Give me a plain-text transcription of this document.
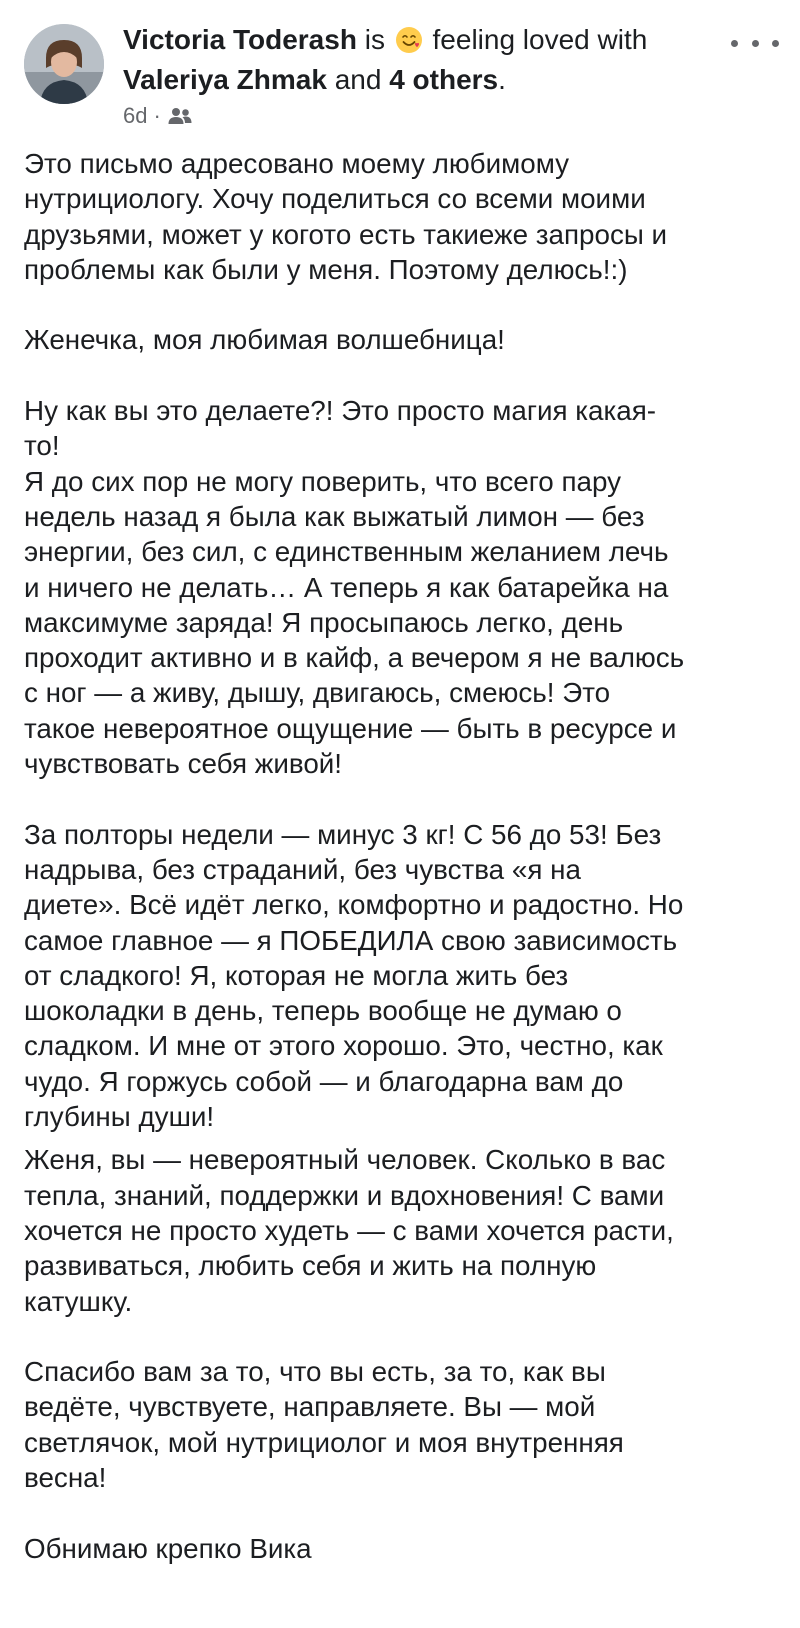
Victoria Toderash is feeling loved with
Valeriya Zhmak and 4 others.
6d ·

Это письмо адресовано моему любимому
нутрициологу. Хочу поделиться со всеми моими
друзьями, может у когото есть такиеже запросы и
проблемы как были у меня. Поэтому делюсь!:)

Женечка, моя любимая волшебница!

Ну как вы это делаете?! Это просто магия какая-
то!
Я до сих пор не могу поверить, что всего пару
недель назад я была как выжатый лимон — без
энергии, без сил, с единственным желанием лечь
и ничего не делать… А теперь я как батарейка на
максимуме заряда! Я просыпаюсь легко, день
проходит активно и в кайф, а вечером я не валюсь
с ног — а живу, дышу, двигаюсь, смеюсь! Это
такое невероятное ощущение — быть в ресурсе и
чувствовать себя живой!

За полторы недели — минус 3 кг! С 56 до 53! Без
надрыва, без страданий, без чувства «я на
диете». Всё идёт легко, комфортно и радостно. Но
самое главное — я ПОБЕДИЛА свою зависимость
от сладкого! Я, которая не могла жить без
шоколадки в день, теперь вообще не думаю о
сладком. И мне от этого хорошо. Это, честно, как
чудо. Я горжусь собой — и благодарна вам до
глубины души!

Женя, вы — невероятный человек. Сколько в вас
тепла, знаний, поддержки и вдохновения! С вами
хочется не просто худеть — с вами хочется расти,
развиваться, любить себя и жить на полную
катушку.

Спасибо вам за то, что вы есть, за то, как вы
ведёте, чувствуете, направляете. Вы — мой
светлячок, мой нутрициолог и моя внутренняя
весна!

Обнимаю крепко Вика
